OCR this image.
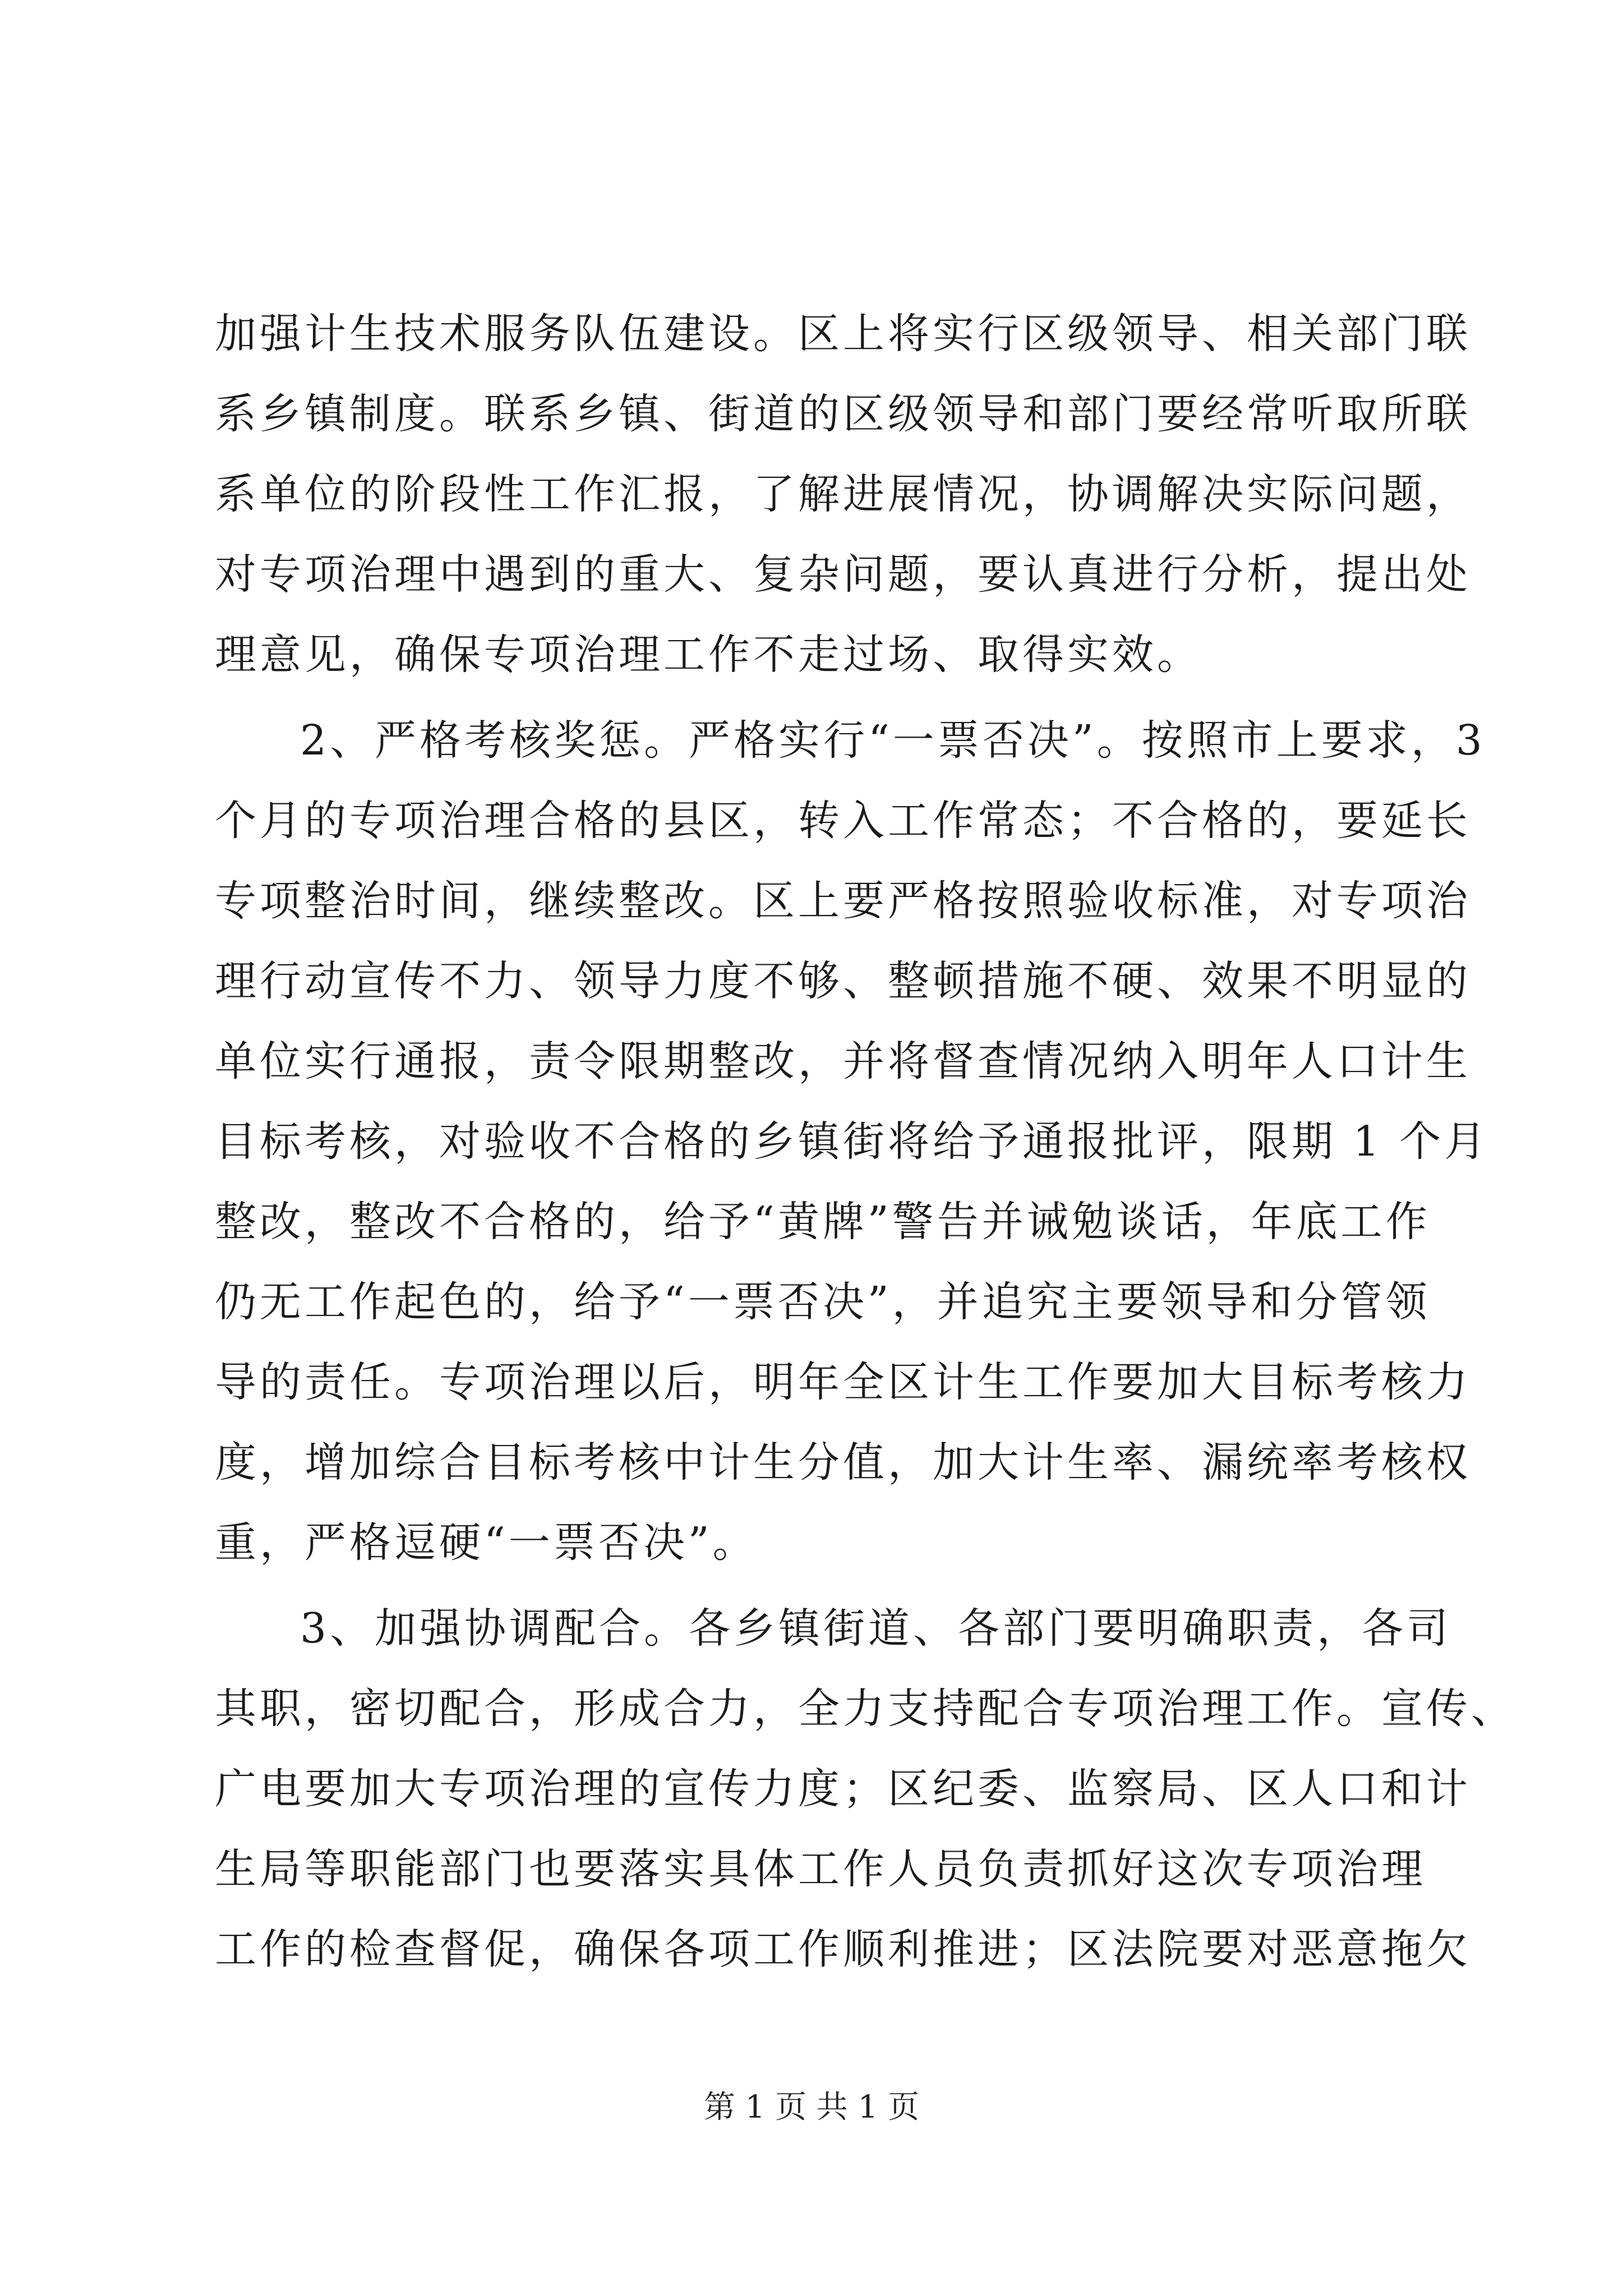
加强计生技术服务队伍建设。区上将实行区级领导、相关部门联
系乡镇制度。联系乡镇、街道的区级领导和部门要经常听取所联
系单位的阶段性工作汇报，了解进展情况，协调解决实际问题，
对专项治理中遇到的重大、复杂问题，要认真进行分析，提出处
理意见，确保专项治理工作不走过场、取得实效。
2、严格考核奖惩。严格实行“一票否决”。按照市上要求，3
个月的专项治理合格的县区，转入工作常态；不合格的，要延长
专项整治时间，继续整改。区上要严格按照验收标准，对专项治
理行动宣传不力、领导力度不够、整顿措施不硬、效果不明显的
单位实行通报，责令限期整改，并将督查情况纳入明年人口计生
目标考核，对验收不合格的乡镇街将给予通报批评，限期 1 个月
整改，整改不合格的，给予“黄牌”警告并诫勉谈话，年底工作
仍无工作起色的，给予“一票否决”，并追究主要领导和分管领
导的责任。专项治理以后，明年全区计生工作要加大目标考核力
度，增加综合目标考核中计生分值，加大计生率、漏统率考核权
重，严格逗硬“一票否决”。
3、加强协调配合。各乡镇街道、各部门要明确职责，各司
其职，密切配合，形成合力，全力支持配合专项治理工作。宣传、
广电要加大专项治理的宣传力度；区纪委、监察局、区人口和计
生局等职能部门也要落实具体工作人员负责抓好这次专项治理
工作的检查督促，确保各项工作顺利推进；区法院要对恶意拖欠
第 1 页 共 1 页
